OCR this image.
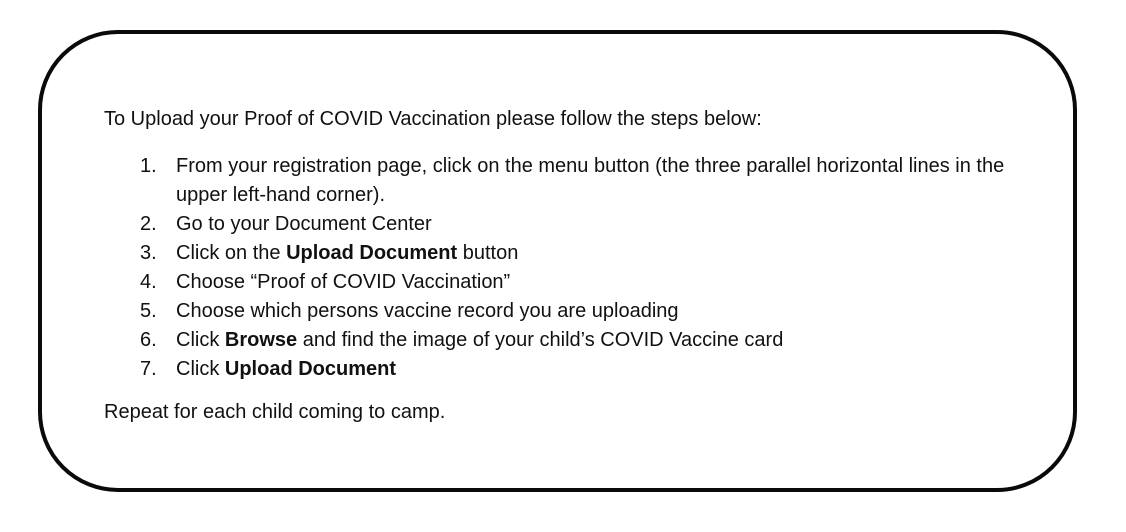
To Upload your Proof of COVID Vaccination please follow the steps below:

1. From your registration page, click on the menu button (the three parallel horizontal lines in the upper left-hand corner).
2. Go to your Document Center
3. Click on the Upload Document button
4. Choose “Proof of COVID Vaccination”
5. Choose which persons vaccine record you are uploading
6. Click Browse and find the image of your child’s COVID Vaccine card
7. Click Upload Document

Repeat for each child coming to camp.
